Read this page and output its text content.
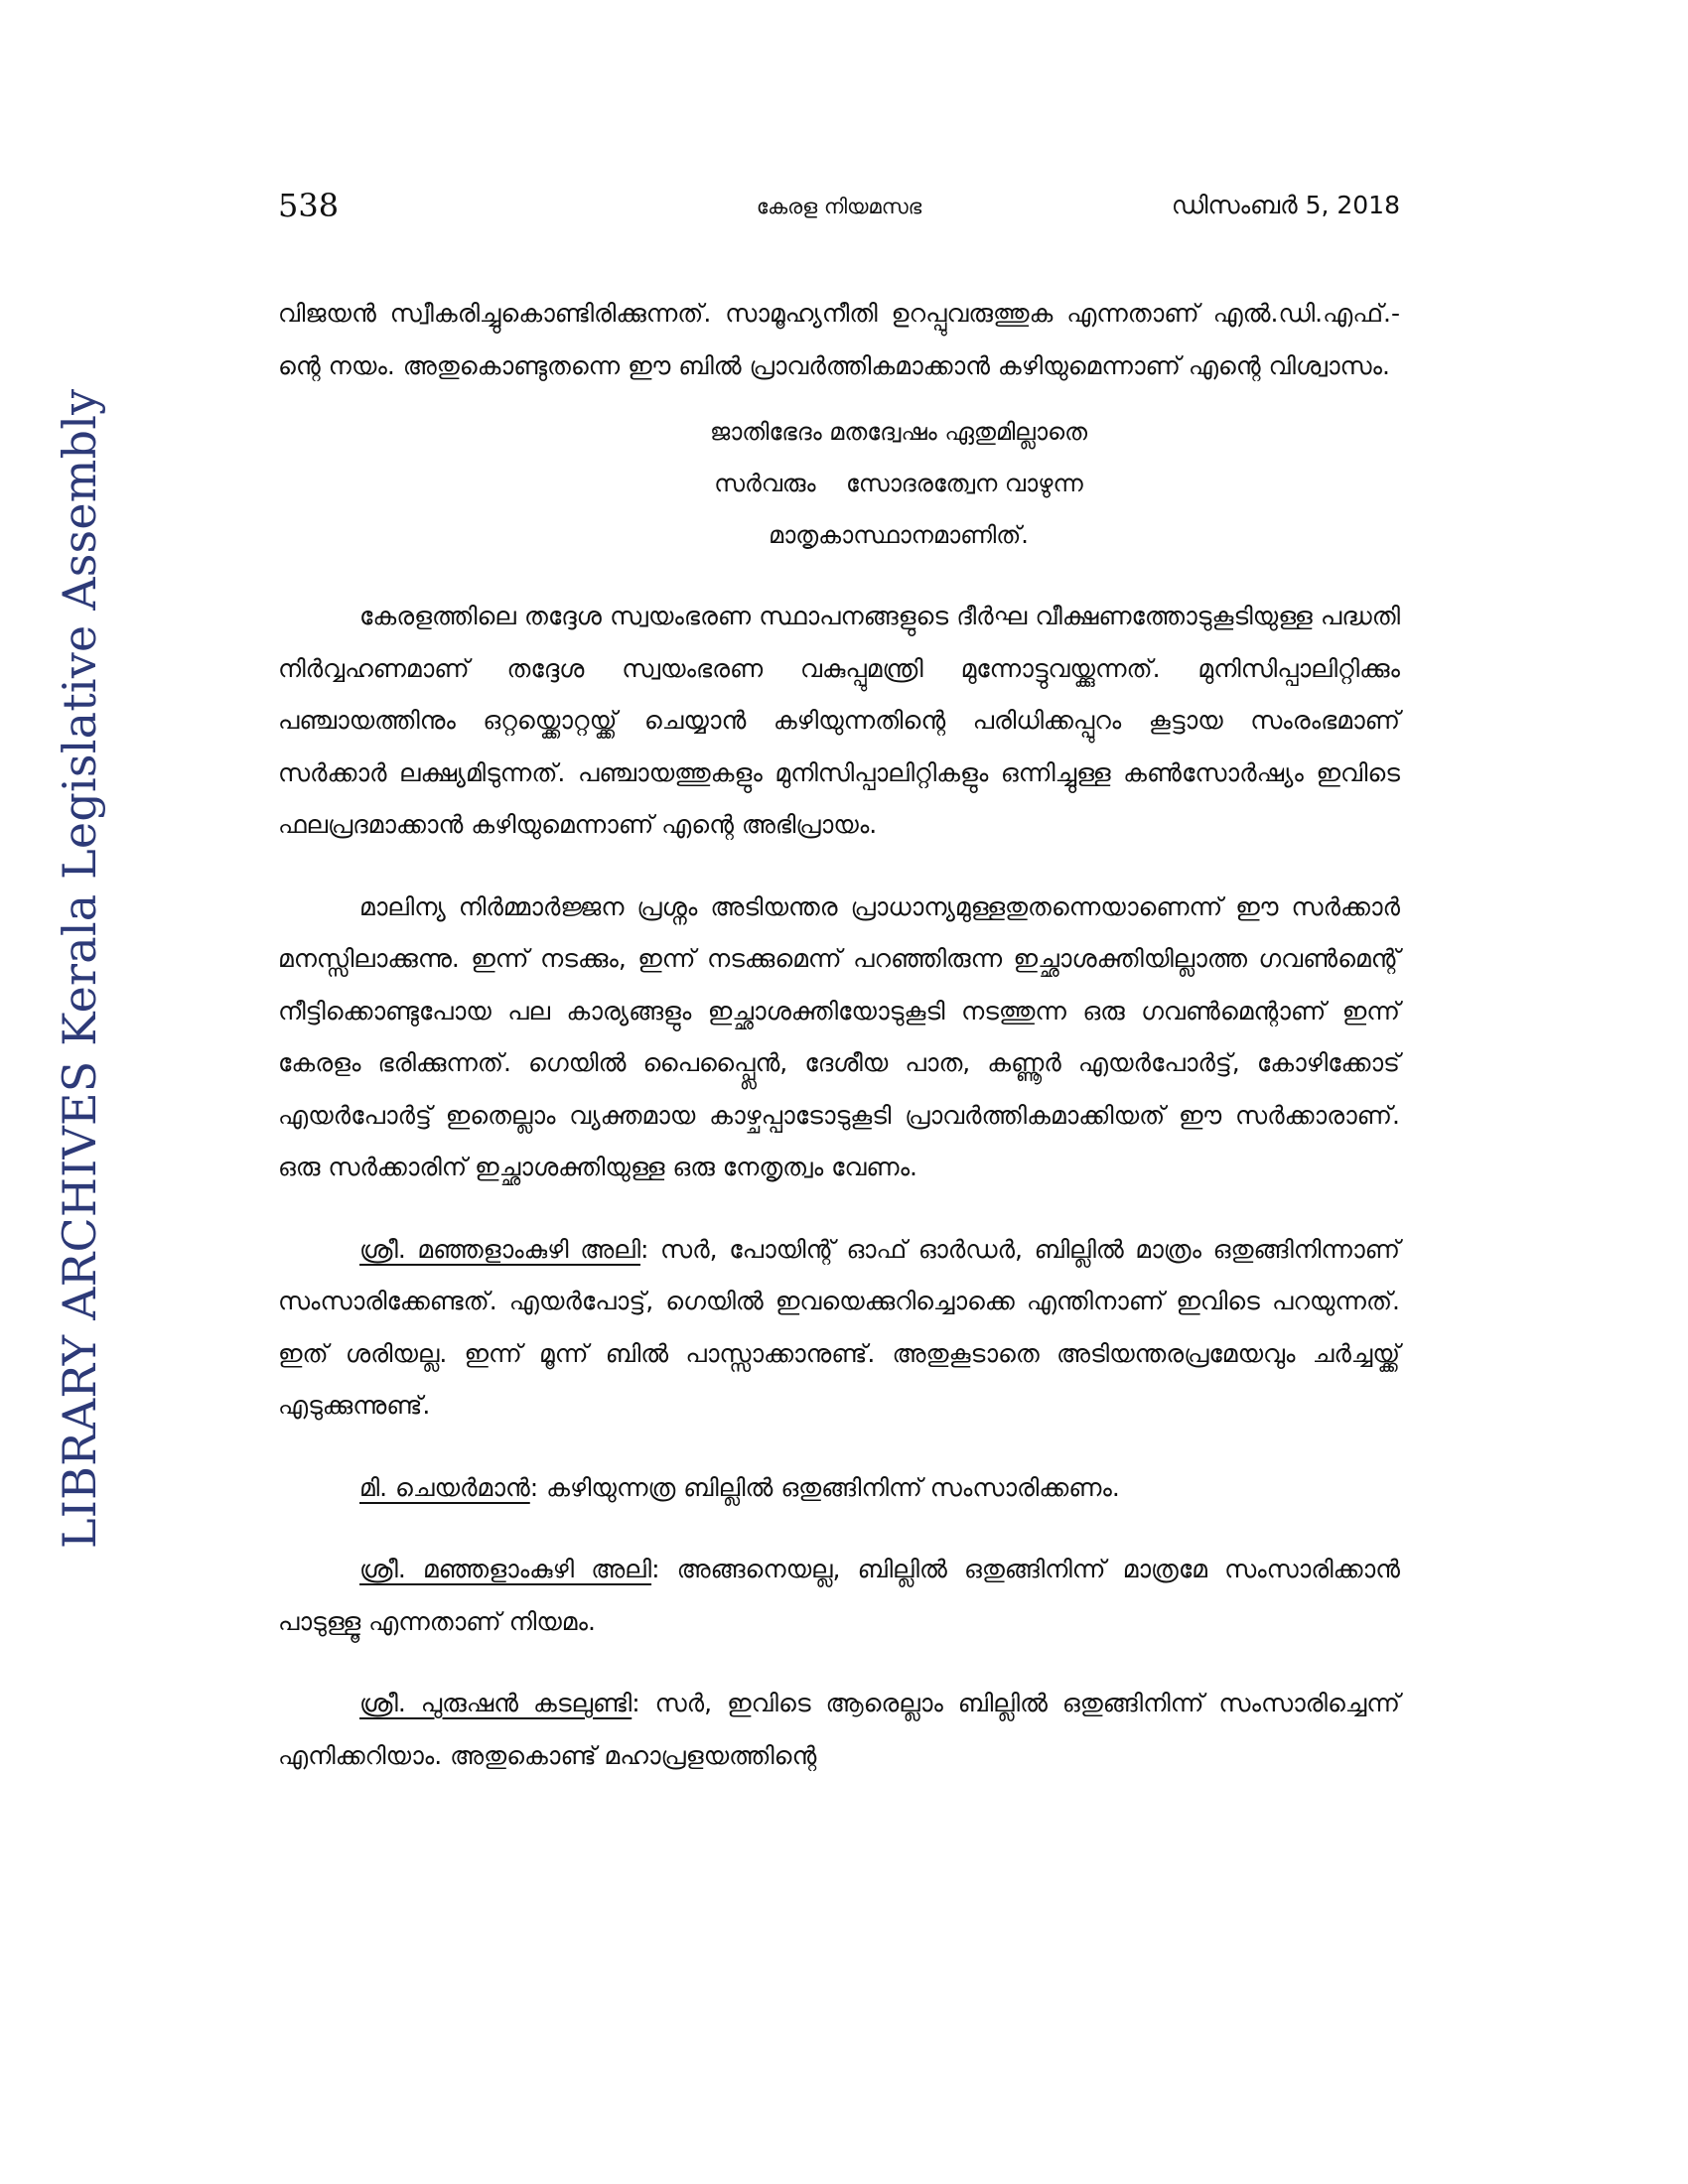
LIBRARY ARCHIVES Kerala Legislative Assembly
538	കേരള നിയമസഭ	ഡിസംബർ 5, 2018

വിജയൻ സ്വീകരിച്ചുകൊണ്ടിരിക്കുന്നത്. സാമൂഹ്യനീതി ഉറപ്പുവരുത്തുക എന്നതാണ് എൽ.ഡി.എഫ്.-ന്റെ നയം. അതുകൊണ്ടുതന്നെ ഈ ബിൽ പ്രാവർത്തികമാക്കാൻ കഴിയുമെന്നാണ് എന്റെ വിശ്വാസം.

ജാതിഭേദം മതദ്വേഷം ഏതുമില്ലാതെ
സർവരും    സോദരത്വേന വാഴുന്ന
മാതൃകാസ്ഥാനമാണിത്.

കേരളത്തിലെ തദ്ദേശ സ്വയംഭരണ സ്ഥാപനങ്ങളുടെ ദീർഘ വീക്ഷണത്തോടുകൂടിയുള്ള പദ്ധതി നിർവ്വഹണമാണ് തദ്ദേശ സ്വയംഭരണ വകുപ്പുമന്ത്രി മുന്നോട്ടുവയ്ക്കുന്നത്. മുനിസിപ്പാലിറ്റിക്കും പഞ്ചായത്തിനും ഒറ്റയ്ക്കൊറ്റയ്ക്ക് ചെയ്യാൻ കഴിയുന്നതിന്റെ പരിധിക്കപ്പുറം കൂട്ടായ സംരംഭമാണ് സർക്കാർ ലക്ഷ്യമിടുന്നത്. പഞ്ചായത്തുകളും മുനിസിപ്പാലിറ്റികളും ഒന്നിച്ചുള്ള കൺസോർഷ്യം ഇവിടെ ഫലപ്രദമാക്കാൻ കഴിയുമെന്നാണ് എന്റെ അഭിപ്രായം.

മാലിന്യ നിർമ്മാർജ്ജന പ്രശ്നം അടിയന്തര പ്രാധാന്യമുള്ളതുതന്നെയാണെന്ന് ഈ സർക്കാർ മനസ്സിലാക്കുന്നു. ഇന്ന് നടക്കും, ഇന്ന് നടക്കുമെന്ന് പറഞ്ഞിരുന്ന ഇച്ഛാശക്തിയില്ലാത്ത ഗവൺമെന്റ് നീട്ടിക്കൊണ്ടുപോയ പല കാര്യങ്ങളും ഇച്ഛാശക്തിയോടുകൂടി നടത്തുന്ന ഒരു ഗവൺമെന്റാണ് ഇന്ന് കേരളം ഭരിക്കുന്നത്. ഗെയിൽ പൈപ്പ്ലൈൻ, ദേശീയ പാത, കണ്ണൂർ എയർപോർട്ട്, കോഴിക്കോട് എയർപോർട്ട് ഇതെല്ലാം വ്യക്തമായ കാഴ്ചപ്പാടോടുകൂടി പ്രാവർത്തികമാക്കിയത് ഈ സർക്കാരാണ്. ഒരു സർക്കാരിന് ഇച്ഛാശക്തിയുള്ള ഒരു നേതൃത്വം വേണം.

ശ്രീ. മഞ്ഞളാംകുഴി അലി: സർ, പോയിന്റ് ഓഫ് ഓർഡർ, ബില്ലിൽ മാത്രം ഒതുങ്ങിനിന്നാണ് സംസാരിക്കേണ്ടത്. എയർപോട്ട്, ഗെയിൽ ഇവയെക്കുറിച്ചൊക്കെ എന്തിനാണ് ഇവിടെ പറയുന്നത്. ഇത് ശരിയല്ല. ഇന്ന് മൂന്ന് ബിൽ പാസ്സാക്കാനുണ്ട്. അതുകൂടാതെ അടിയന്തരപ്രമേയവും ചർച്ചയ്ക്ക് എടുക്കുന്നുണ്ട്.

മി. ചെയർമാൻ: കഴിയുന്നത്ര ബില്ലിൽ ഒതുങ്ങിനിന്ന് സംസാരിക്കണം.

ശ്രീ. മഞ്ഞളാംകുഴി അലി: അങ്ങനെയല്ല, ബില്ലിൽ ഒതുങ്ങിനിന്ന് മാത്രമേ സംസാരിക്കാൻ പാടുള്ളൂ എന്നതാണ് നിയമം.

ശ്രീ. പുരുഷൻ കടലുണ്ടി: സർ, ഇവിടെ ആരെല്ലാം ബില്ലിൽ ഒതുങ്ങിനിന്ന് സംസാരിച്ചെന്ന് എനിക്കറിയാം. അതുകൊണ്ട് മഹാപ്രളയത്തിന്റെ
